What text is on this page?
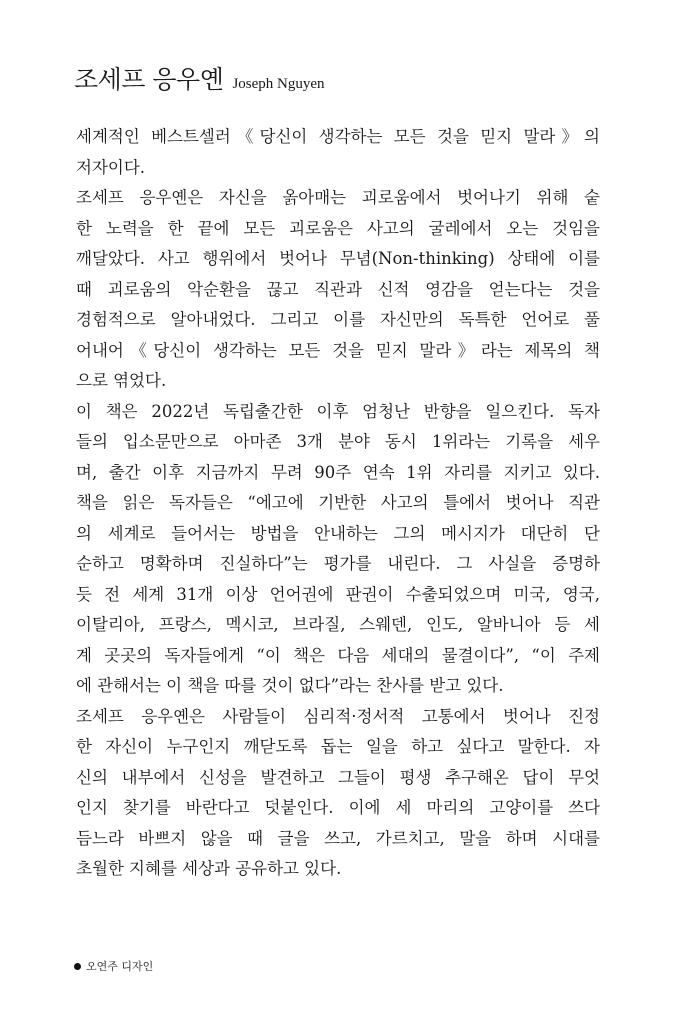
조세프 응우옌 Joseph Nguyen
세계적인 베스트셀러《당신이 생각하는 모든 것을 믿지 말라》의
저자이다.
조세프 응우옌은 자신을 옭아매는 괴로움에서 벗어나기 위해 숱
한 노력을 한 끝에 모든 괴로움은 사고의 굴레에서 오는 것임을
깨달았다. 사고 행위에서 벗어나 무념(Non-thinking) 상태에 이를
때 괴로움의 악순환을 끊고 직관과 신적 영감을 얻는다는 것을
경험적으로 알아내었다. 그리고 이를 자신만의 독특한 언어로 풀
어내어《당신이 생각하는 모든 것을 믿지 말라》라는 제목의 책
으로 엮었다.
이 책은 2022년 독립출간한 이후 엄청난 반향을 일으킨다. 독자
들의 입소문만으로 아마존 3개 분야 동시 1위라는 기록을 세우
며, 출간 이후 지금까지 무려 90주 연속 1위 자리를 지키고 있다.
책을 읽은 독자들은 “에고에 기반한 사고의 틀에서 벗어나 직관
의 세계로 들어서는 방법을 안내하는 그의 메시지가 대단히 단
순하고 명확하며 진실하다”는 평가를 내린다. 그 사실을 증명하
듯 전 세계 31개 이상 언어권에 판권이 수출되었으며 미국, 영국,
이탈리아, 프랑스, 멕시코, 브라질, 스웨덴, 인도, 알바니아 등 세
계 곳곳의 독자들에게 “이 책은 다음 세대의 물결이다”, “이 주제
에 관해서는 이 책을 따를 것이 없다”라는 찬사를 받고 있다.
조세프 응우옌은 사람들이 심리적·정서적 고통에서 벗어나 진정
한 자신이 누구인지 깨닫도록 돕는 일을 하고 싶다고 말한다. 자
신의 내부에서 신성을 발견하고 그들이 평생 추구해온 답이 무엇
인지 찾기를 바란다고 덧붙인다. 이에 세 마리의 고양이를 쓰다
듬느라 바쁘지 않을 때 글을 쓰고, 가르치고, 말을 하며 시대를
초월한 지혜를 세상과 공유하고 있다.
오연주 디자인
